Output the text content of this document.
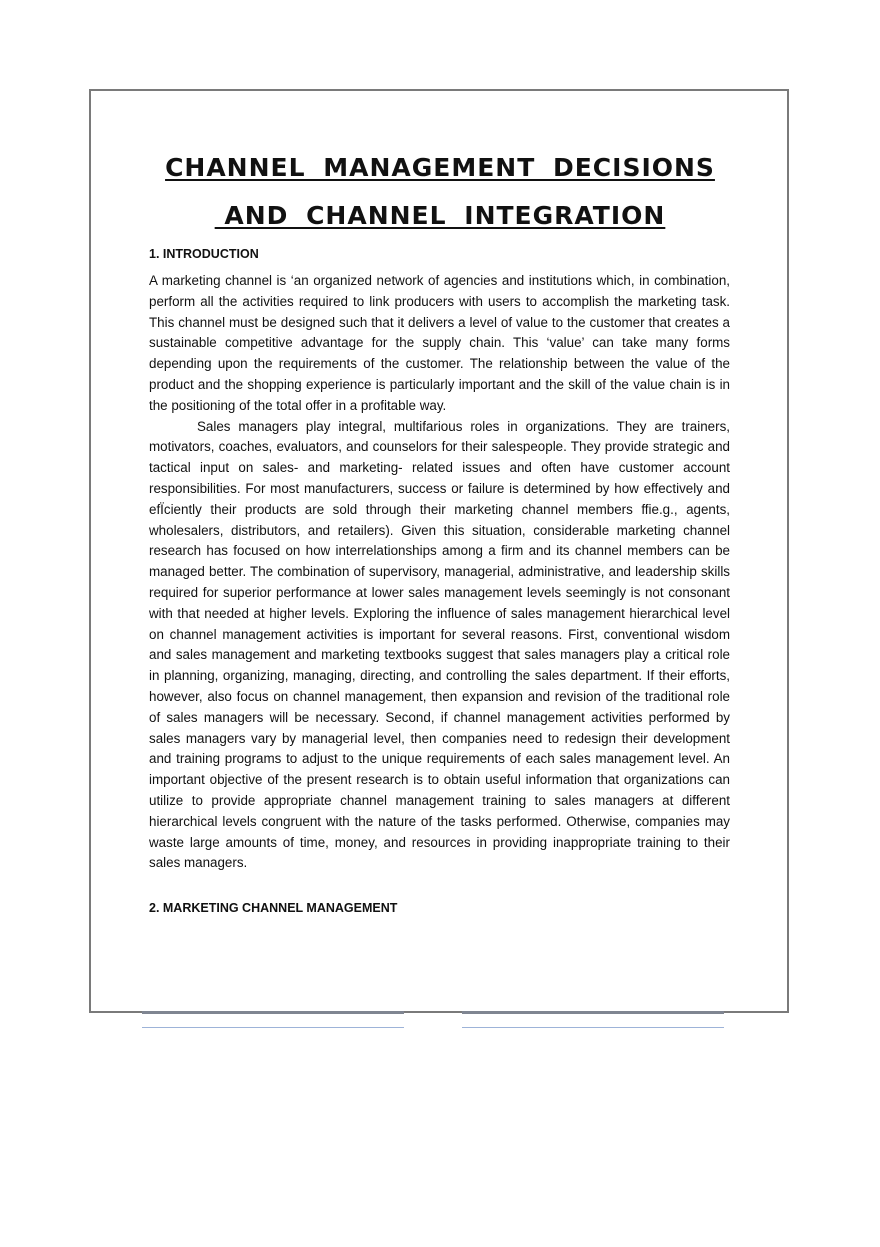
CHANNEL MANAGEMENT DECISIONS
AND CHANNEL INTEGRATION
1. INTRODUCTION

A marketing channel is ‘an organized network of agencies and institutions which, in combination, perform all the activities required to link producers with users to accomplish the marketing task. This channel must be designed such that it delivers a level of value to the customer that creates a sustainable competitive advantage for the supply chain. This ‘value’ can take many forms depending upon the requirements of the customer. The relationship between the value of the product and the shopping experience is particularly important and the skill of the value chain is in the positioning of the total offer in a profitable way.

Sales managers play integral, multifarious roles in organizations. They are trainers, motivators, coaches, evaluators, and counselors for their salespeople. They provide strategic and tactical input on sales- and marketing- related issues and often have customer account responsibilities. For most manufacturers, success or failure is determined by how effectively and efÏciently their products are sold through their marketing channel members ffie.g., agents, wholesalers, distributors, and retailers). Given this situation, considerable marketing channel research has focused on how interrelationships among a firm and its channel members can be managed better. The combination of supervisory, managerial, administrative, and leadership skills required for superior performance at lower sales management levels seemingly is not consonant with that needed at higher levels. Exploring the influence of sales management hierarchical level on channel management activities is important for several reasons. First, conventional wisdom and sales management and marketing textbooks suggest that sales managers play a critical role in planning, organizing, managing, directing, and controlling the sales department. If their efforts, however, also focus on channel management, then expansion and revision of the traditional role of sales managers will be necessary. Second, if channel management activities performed by sales managers vary by managerial level, then companies need to redesign their development and training programs to adjust to the unique requirements of each sales management level. An important objective of the present research is to obtain useful information that organizations can utilize to provide appropriate channel management training to sales managers at different hierarchical levels congruent with the nature of the tasks performed. Otherwise, companies may waste large amounts of time, money, and resources in providing inappropriate training to their sales managers.

2. MARKETING CHANNEL MANAGEMENT
